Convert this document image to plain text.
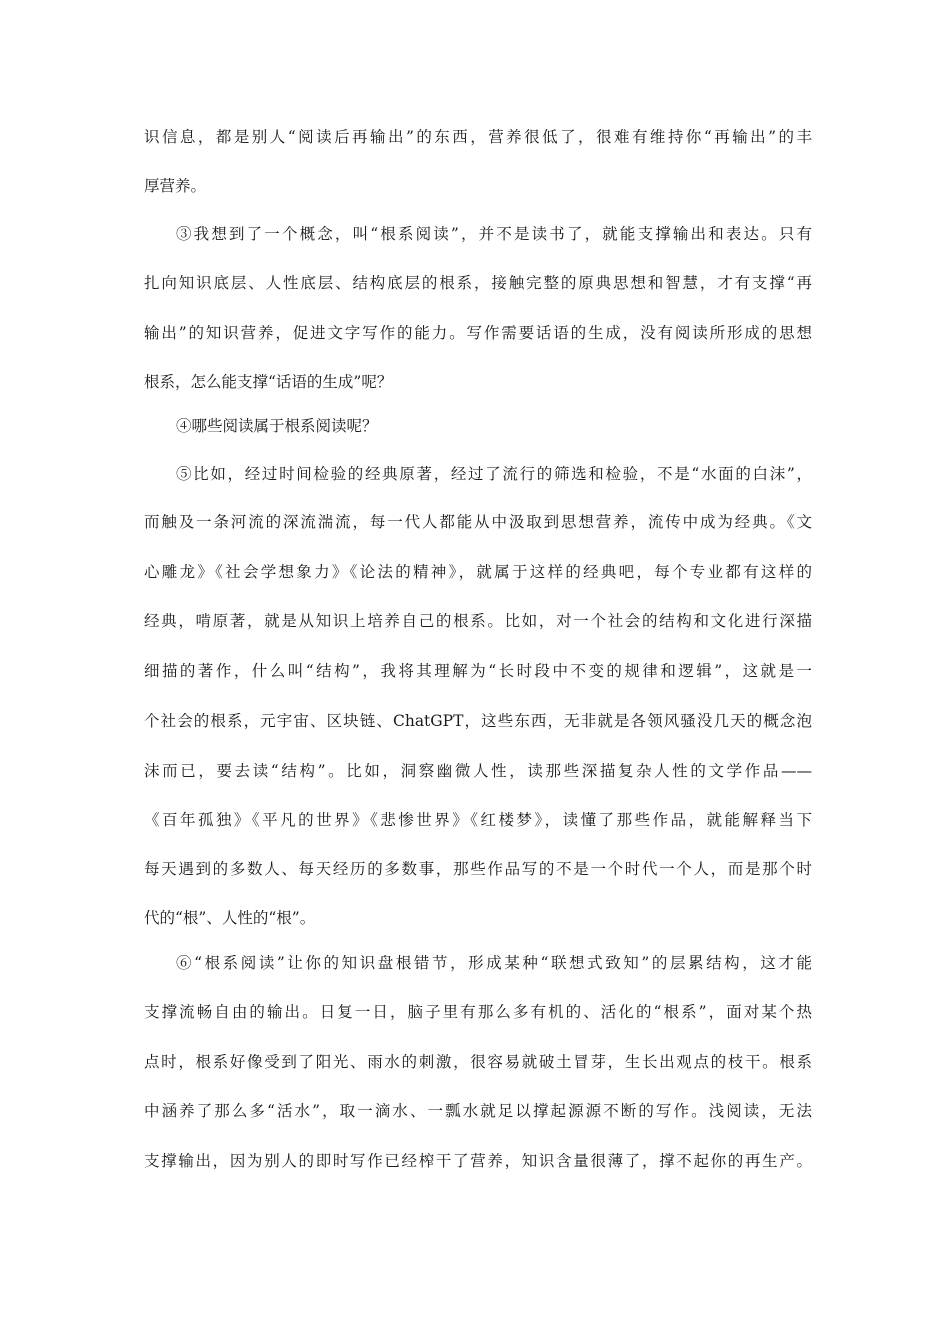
识信息，都是别人“阅读后再输出”的东西，营养很低了，很难有维持你“再输出”的丰
厚营养。
③我想到了一个概念，叫“根系阅读”，并不是读书了，就能支撑输出和表达。只有
扎向知识底层、人性底层、结构底层的根系，接触完整的原典思想和智慧，才有支撑“再
输出”的知识营养，促进文字写作的能力。写作需要话语的生成，没有阅读所形成的思想
根系，怎么能支撑“话语的生成”呢？
④哪些阅读属于根系阅读呢？
⑤比如，经过时间检验的经典原著，经过了流行的筛选和检验，不是“水面的白沫”，
而触及一条河流的深流湍流，每一代人都能从中汲取到思想营养，流传中成为经典。《文
心雕龙》《社会学想象力》《论法的精神》，就属于这样的经典吧，每个专业都有这样的
经典，啃原著，就是从知识上培养自己的根系。比如，对一个社会的结构和文化进行深描
细描的著作，什么叫“结构”，我将其理解为“长时段中不变的规律和逻辑”，这就是一
个社会的根系，元宇宙、区块链、ChatGPT，这些东西，无非就是各领风骚没几天的概念泡
沫而已，要去读“结构”。比如，洞察幽微人性，读那些深描复杂人性的文学作品——
《百年孤独》《平凡的世界》《悲惨世界》《红楼梦》，读懂了那些作品，就能解释当下
每天遇到的多数人、每天经历的多数事，那些作品写的不是一个时代一个人，而是那个时
代的“根”、人性的“根”。
⑥“根系阅读”让你的知识盘根错节，形成某种“联想式致知”的层累结构，这才能
支撑流畅自由的输出。日复一日，脑子里有那么多有机的、活化的“根系”，面对某个热
点时，根系好像受到了阳光、雨水的刺激，很容易就破土冒芽，生长出观点的枝干。根系
中涵养了那么多“活水”，取一滴水、一瓢水就足以撑起源源不断的写作。浅阅读，无法
支撑输出，因为别人的即时写作已经榨干了营养，知识含量很薄了，撑不起你的再生产。
